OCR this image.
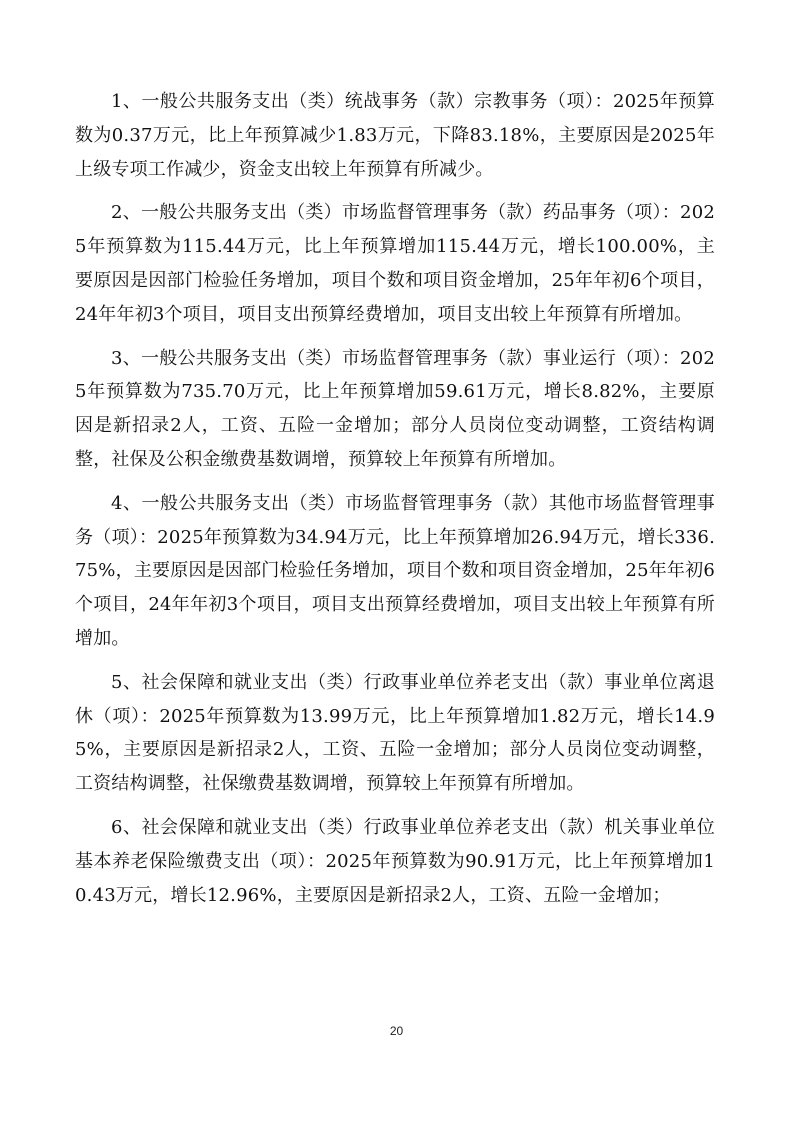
1、一般公共服务支出（类）统战事务（款）宗教事务（项）：2025年预算数为0.37万元，比上年预算减少1.83万元，下降83.18%，主要原因是2025年上级专项工作减少，资金支出较上年预算有所减少。

2、一般公共服务支出（类）市场监督管理事务（款）药品事务（项）：2025年预算数为115.44万元，比上年预算增加115.44万元，增长100.00%，主要原因是因部门检验任务增加，项目个数和项目资金增加，25年年初6个项目，24年年初3个项目，项目支出预算经费增加，项目支出较上年预算有所增加。

3、一般公共服务支出（类）市场监督管理事务（款）事业运行（项）：2025年预算数为735.70万元，比上年预算增加59.61万元，增长8.82%，主要原因是新招录2人，工资、五险一金增加；部分人员岗位变动调整，工资结构调整，社保及公积金缴费基数调增，预算较上年预算有所增加。

4、一般公共服务支出（类）市场监督管理事务（款）其他市场监督管理事务（项）：2025年预算数为34.94万元，比上年预算增加26.94万元，增长336.75%，主要原因是因部门检验任务增加，项目个数和项目资金增加，25年年初6个项目，24年年初3个项目，项目支出预算经费增加，项目支出较上年预算有所增加。

5、社会保障和就业支出（类）行政事业单位养老支出（款）事业单位离退休（项）：2025年预算数为13.99万元，比上年预算增加1.82万元，增长14.95%，主要原因是新招录2人，工资、五险一金增加；部分人员岗位变动调整，工资结构调整，社保缴费基数调增，预算较上年预算有所增加。

6、社会保障和就业支出（类）行政事业单位养老支出（款）机关事业单位基本养老保险缴费支出（项）：2025年预算数为90.91万元，比上年预算增加10.43万元，增长12.96%，主要原因是新招录2人，工资、五险一金增加；

20
